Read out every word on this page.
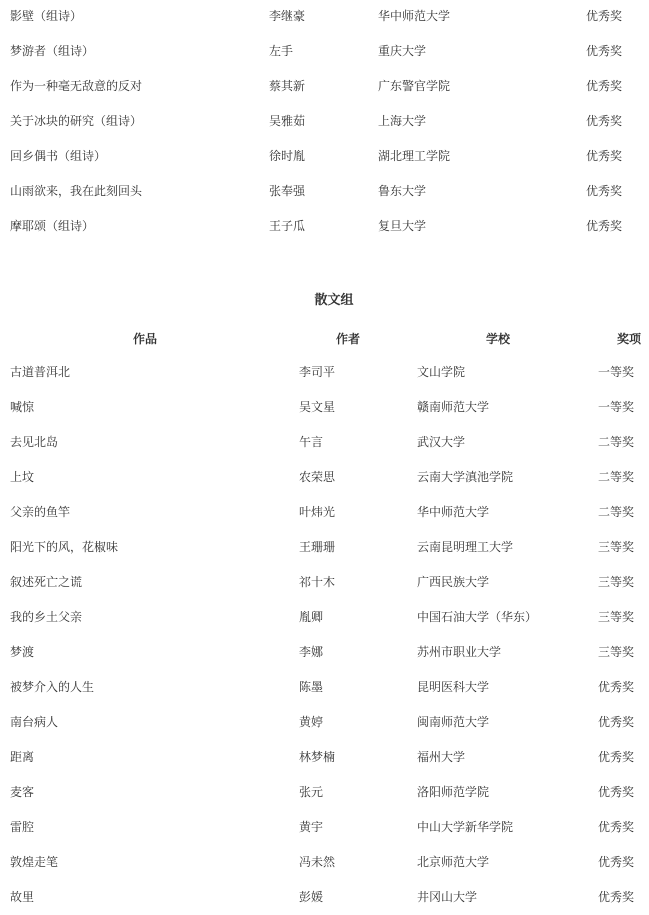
影壁（组诗）	李继豪	华中师范大学	优秀奖
梦游者（组诗）	左手	重庆大学	优秀奖
作为一种毫无敌意的反对	蔡其新	广东警官学院	优秀奖
关于冰块的研究（组诗）	吴雅茹	上海大学	优秀奖
回乡偶书（组诗）	徐时胤	湖北理工学院	优秀奖
山雨欲来，我在此刻回头	张奉强	鲁东大学	优秀奖
摩耶颂（组诗）	王子瓜	复旦大学	优秀奖
散文组
作品	作者	学校	奖项
古道普洱北	李司平	文山学院	一等奖
喊惊	吴文星	赣南师范大学	一等奖
去见北岛	午言	武汉大学	二等奖
上坟	农荣思	云南大学滇池学院	二等奖
父亲的鱼竿	叶炜光	华中师范大学	二等奖
阳光下的风，花椒味	王珊珊	云南昆明理工大学	三等奖
叙述死亡之谎	祁十木	广西民族大学	三等奖
我的乡土父亲	胤卿	中国石油大学（华东）	三等奖
梦渡	李娜	苏州市职业大学	三等奖
被梦介入的人生	陈墨	昆明医科大学	优秀奖
南台病人	黄婷	闽南师范大学	优秀奖
距离	林梦楠	福州大学	优秀奖
麦客	张元	洛阳师范学院	优秀奖
雷腔	黄宇	中山大学新华学院	优秀奖
敦煌走笔	冯未然	北京师范大学	优秀奖
故里	彭媛	井冈山大学	优秀奖
